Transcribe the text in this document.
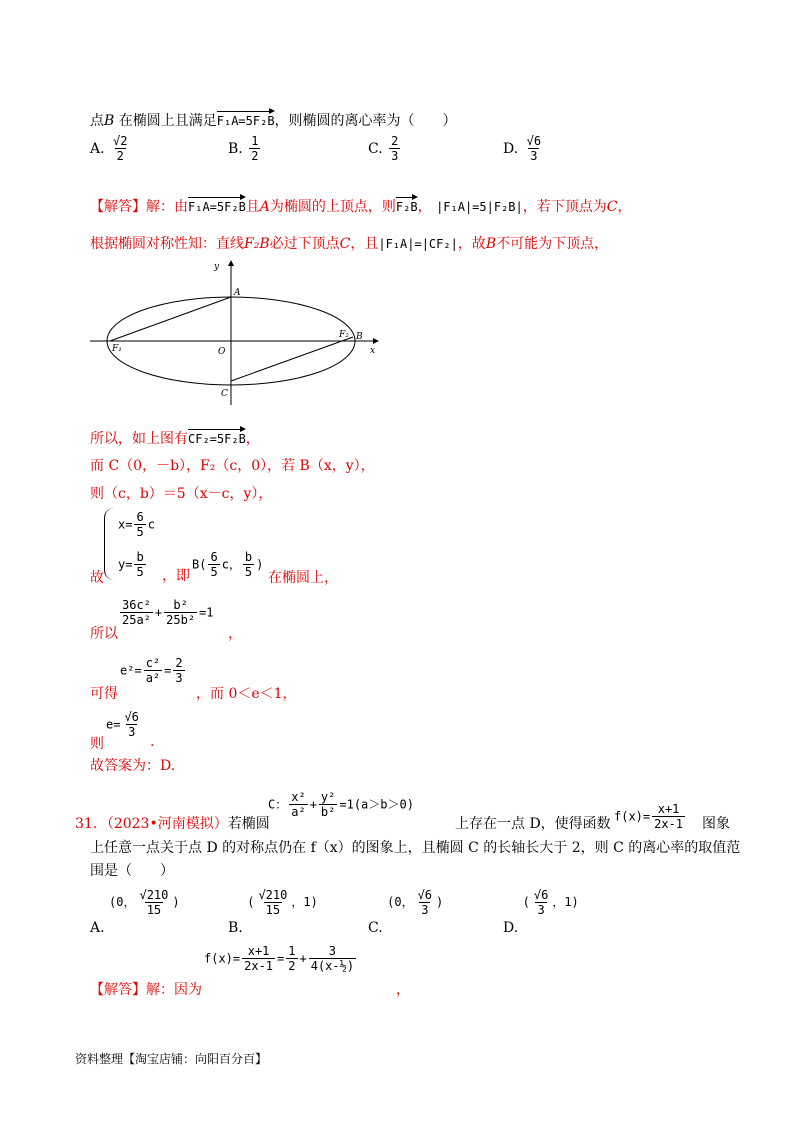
点B 在椭圆上且满足F₁A=5F₂B，则椭圆的离心率为（　　）
A. $\frac{√2}{2}$	B. $\frac{1}{2}$	C. $\frac{2}{3}$	D. $\frac{√6}{3}$
【解答】解：由F₁A=5F₂B且A为椭圆的上顶点，则F₂B， |F₁A|=5|F₂B|，若下顶点为C，
根据椭圆对称性知：直线F₂B必过下顶点C，且|F₁A|=|CF₂|，故B不可能为下顶点，
y
x
A
O
C
F₁
F₂ B
所以，如上图有CF₂=5F₂B，
而 C（0，－b），F₂（c，0），若 B（x，y），
则（c，b）＝5（x－c，y），
$x= \frac{6}{5}$ c
$y= \frac{b}{5}$
故	，即
$B( \frac{6}{5}$ c， $\frac{b}{5}$ )
在椭圆上，
所以
$\frac{\text{36c²}}{\text{25a²}} + \frac{\text{b²}}{\text{25b²}} =1$
，
可得
$e^2= \frac{\text{c²}}{\text{a²}} = \frac{2}{3}$
，而 0＜e＜1，
则
$e= \frac{√6}{3}$
.
故答案为：D.
C： $\frac{\text{x²}}{\text{a²}} + \frac{\text{y²}}{\text{b²}} =1(a>b>0)$
31．（2023•河南模拟）若椭圆	上存在一点 D，使得函数 $f(x)= \frac{x+1}{2x-1}$ 图象
上任意一点关于点 D 的对称点仍在 f（x）的图象上，且椭圆 C 的长轴长大于 2，则 C 的离心率的取值范
围是（　　）
A. (0， $\frac{√210}{15}$ )
B. ( $\frac{√210}{15}$ ，1)
C. (0， $\frac{√6}{3}$ )
D. ( $\frac{√6}{3}$ ，1)
$f(x)= \frac{x+1}{2x-1} = \frac{1}{2} + \frac{3}{\text{4(x-½)}}$
【解答】解：因为	，
资料整理【淘宝店铺：向阳百分百】
